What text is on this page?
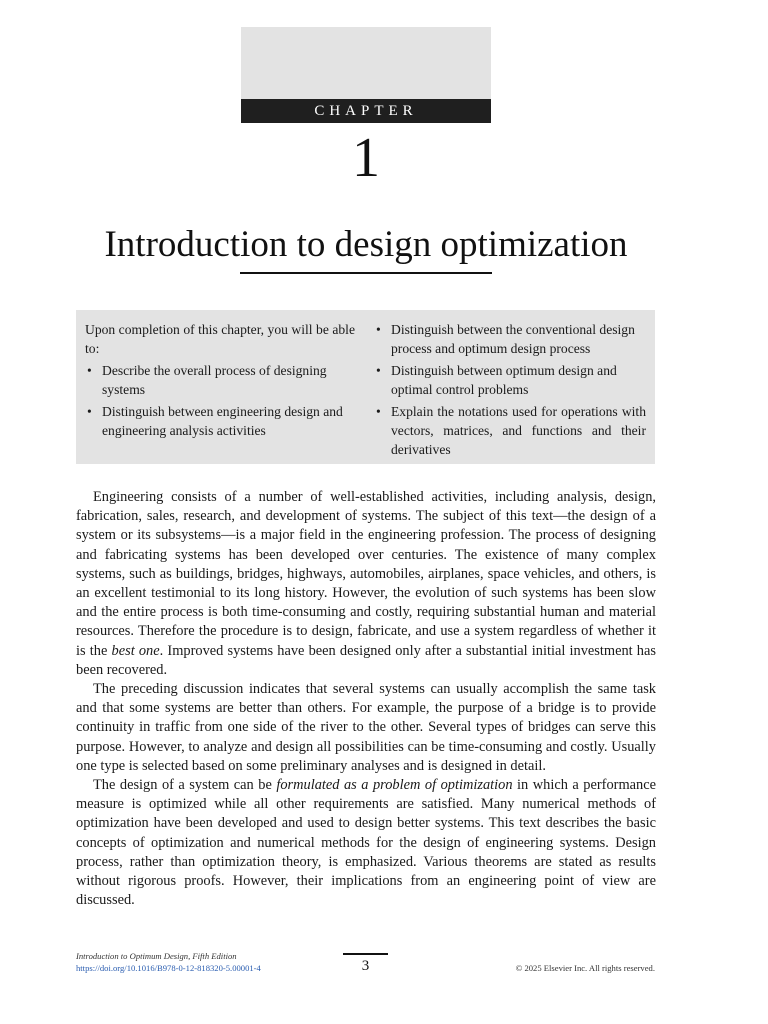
CHAPTER
1
Introduction to design optimization

Upon completion of this chapter, you will be able to:

• Describe the overall process of designing systems
• Distinguish between engineering design and engineering analysis activities
• Distinguish between the conventional design process and optimum design process
• Distinguish between optimum design and optimal control problems
• Explain the notations used for operations with vectors, matrices, and functions and their derivatives

Engineering consists of a number of well-established activities, including analysis, design, fabrication, sales, research, and development of systems. The subject of this text—the design of a system or its subsystems—is a major field in the engineering profession. The process of designing and fabricating systems has been developed over centuries. The existence of many complex systems, such as buildings, bridges, highways, automobiles, airplanes, space vehicles, and others, is an excellent testimonial to its long history. However, the evolution of such systems has been slow and the entire process is both time-consuming and costly, requiring substantial human and material resources. Therefore the procedure is to design, fabricate, and use a system regardless of whether it is the best one. Improved systems have been designed only after a substantial initial investment has been recovered.

The preceding discussion indicates that several systems can usually accomplish the same task and that some systems are better than others. For example, the purpose of a bridge is to provide continuity in traffic from one side of the river to the other. Several types of bridges can serve this purpose. However, to analyze and design all possibilities can be time-consuming and costly. Usually one type is selected based on some preliminary analyses and is designed in detail.

The design of a system can be formulated as a problem of optimization in which a performance measure is optimized while all other requirements are satisfied. Many numerical methods of optimization have been developed and used to design better systems. This text describes the basic concepts of optimization and numerical methods for the design of engineering systems. Design process, rather than optimization theory, is emphasized. Various theorems are stated as results without rigorous proofs. However, their implications from an engineering point of view are discussed.

Introduction to Optimum Design, Fifth Edition
https://doi.org/10.1016/B978-0-12-818320-5.00001-4	3	© 2025 Elsevier Inc. All rights reserved.
